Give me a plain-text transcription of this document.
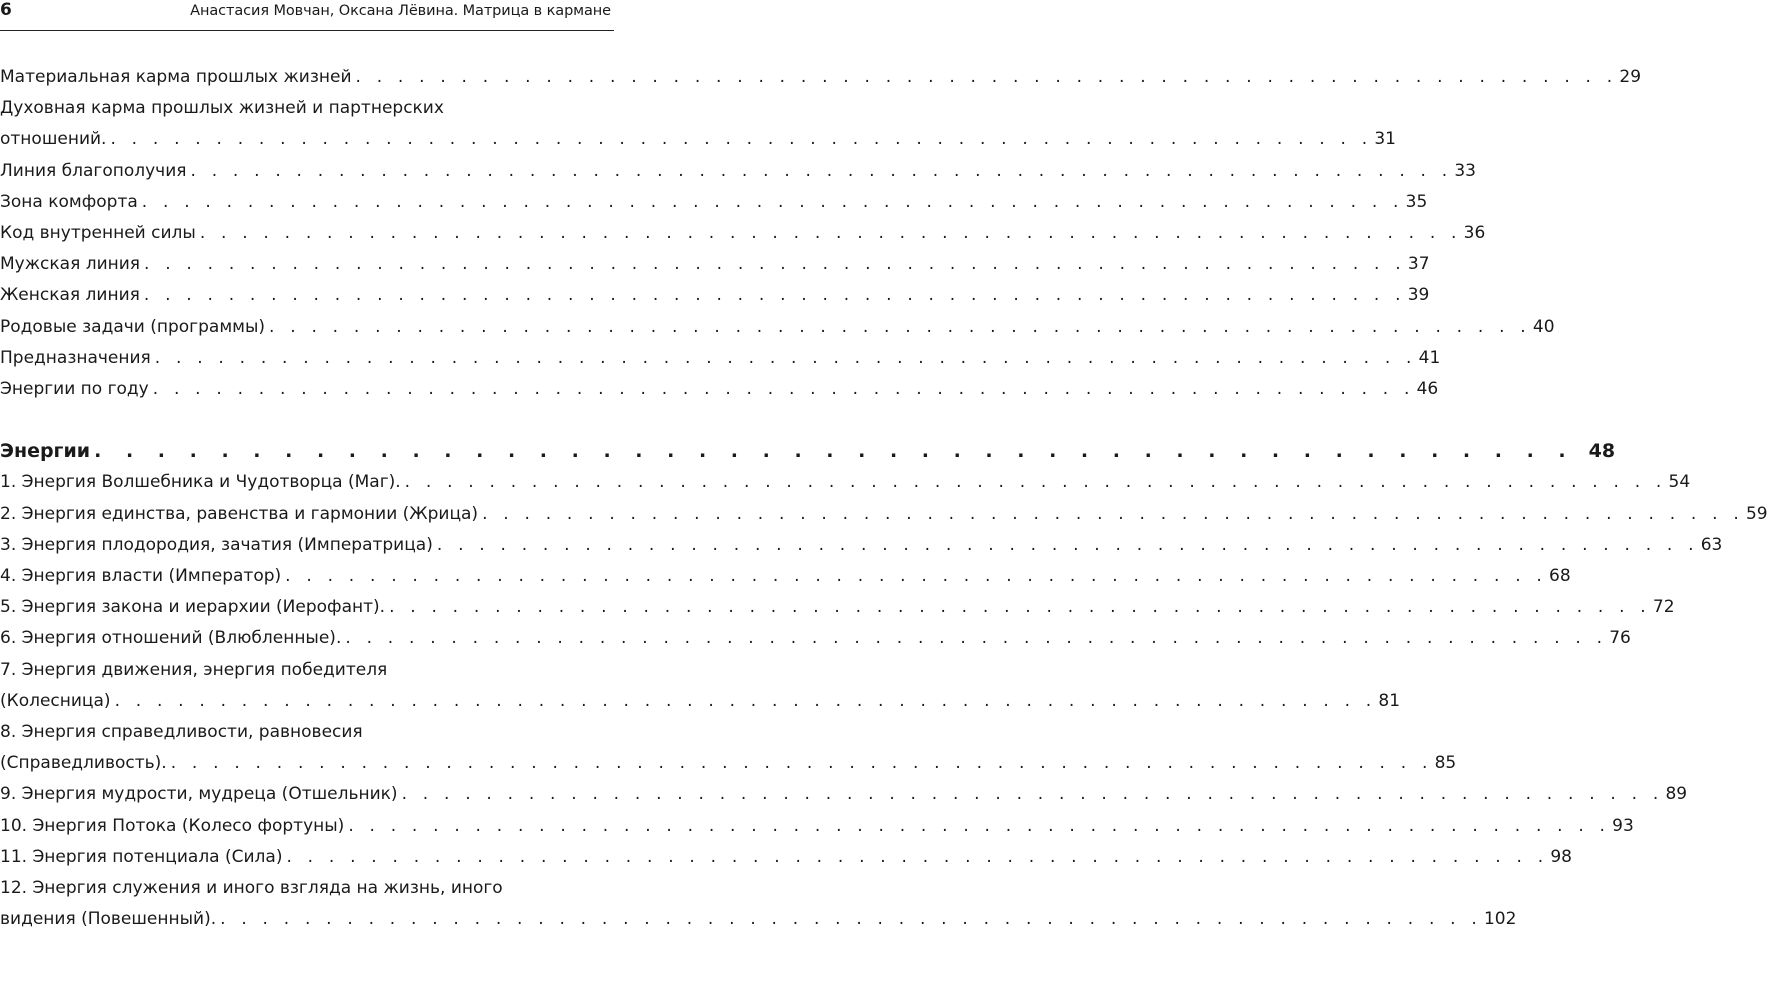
6	Анастасия Мовчан, Оксана Лёвина. Матрица в кармане
Материальная карма прошлых жизней . . . . . . . . . . . . . . . . . . . . . . . . . . . . . . . . . . . . . . . . . . . . . . . . . . . . . . . . . . . . 29
Духовная карма прошлых жизней и партнерских
отношений. . . . . . . . . . . . . . . . . . . . . . . . . . . . . . . . . . . . . . . . . . . . . . . . . . . . . . . . . . . . . 31
Линия благополучия . . . . . . . . . . . . . . . . . . . . . . . . . . . . . . . . . . . . . . . . . . . . . . . . . . . . . . . . . . . . 33
Зона комфорта . . . . . . . . . . . . . . . . . . . . . . . . . . . . . . . . . . . . . . . . . . . . . . . . . . . . . . . . . . . . 35
Код внутренней силы . . . . . . . . . . . . . . . . . . . . . . . . . . . . . . . . . . . . . . . . . . . . . . . . . . . . . . . . . . . . 36
Мужская линия . . . . . . . . . . . . . . . . . . . . . . . . . . . . . . . . . . . . . . . . . . . . . . . . . . . . . . . . . . . . 37
Женская линия . . . . . . . . . . . . . . . . . . . . . . . . . . . . . . . . . . . . . . . . . . . . . . . . . . . . . . . . . . . . 39
Родовые задачи (программы) . . . . . . . . . . . . . . . . . . . . . . . . . . . . . . . . . . . . . . . . . . . . . . . . . . . . . . . . . . . . 40
Предназначения . . . . . . . . . . . . . . . . . . . . . . . . . . . . . . . . . . . . . . . . . . . . . . . . . . . . . . . . . . . . 41
Энергии по году . . . . . . . . . . . . . . . . . . . . . . . . . . . . . . . . . . . . . . . . . . . . . . . . . . . . . . . . . . . . 46
Энергии . . . . . . . . . . . . . . . . . . . . . . . . . . . . . . . . . . . . . . . . . . . . . . . 48
1. Энергия Волшебника и Чудотворца (Маг). . . . . . . . . . . . . . . . . . . . . . . . . . . . . . . . . . . . . . . . . . . . . . . . . . . . . . . . . . . . . 54
2. Энергия единства, равенства и гармонии (Жрица) . . . . . . . . . . . . . . . . . . . . . . . . . . . . . . . . . . . . . . . . . . . . . . . . . . . . . . . . . . . . 59
3. Энергия плодородия, зачатия (Императрица) . . . . . . . . . . . . . . . . . . . . . . . . . . . . . . . . . . . . . . . . . . . . . . . . . . . . . . . . . . . . 63
4. Энергия власти (Император) . . . . . . . . . . . . . . . . . . . . . . . . . . . . . . . . . . . . . . . . . . . . . . . . . . . . . . . . . . . . 68
5. Энергия закона и иерархии (Иерофант). . . . . . . . . . . . . . . . . . . . . . . . . . . . . . . . . . . . . . . . . . . . . . . . . . . . . . . . . . . . . 72
6. Энергия отношений (Влюбленные). . . . . . . . . . . . . . . . . . . . . . . . . . . . . . . . . . . . . . . . . . . . . . . . . . . . . . . . . . . . . 76
7. Энергия движения, энергия победителя
(Колесница) . . . . . . . . . . . . . . . . . . . . . . . . . . . . . . . . . . . . . . . . . . . . . . . . . . . . . . . . . . . . 81
8. Энергия справедливости, равновесия
(Справедливость). . . . . . . . . . . . . . . . . . . . . . . . . . . . . . . . . . . . . . . . . . . . . . . . . . . . . . . . . . . . . 85
9. Энергия мудрости, мудреца (Отшельник) . . . . . . . . . . . . . . . . . . . . . . . . . . . . . . . . . . . . . . . . . . . . . . . . . . . . . . . . . . . . 89
10. Энергия Потока (Колесо фортуны) . . . . . . . . . . . . . . . . . . . . . . . . . . . . . . . . . . . . . . . . . . . . . . . . . . . . . . . . . . . . 93
11. Энергия потенциала (Сила) . . . . . . . . . . . . . . . . . . . . . . . . . . . . . . . . . . . . . . . . . . . . . . . . . . . . . . . . . . . . 98
12. Энергия служения и иного взгляда на жизнь, иного
видения (Повешенный). . . . . . . . . . . . . . . . . . . . . . . . . . . . . . . . . . . . . . . . . . . . . . . . . . . . . . . . . . . . . 102
